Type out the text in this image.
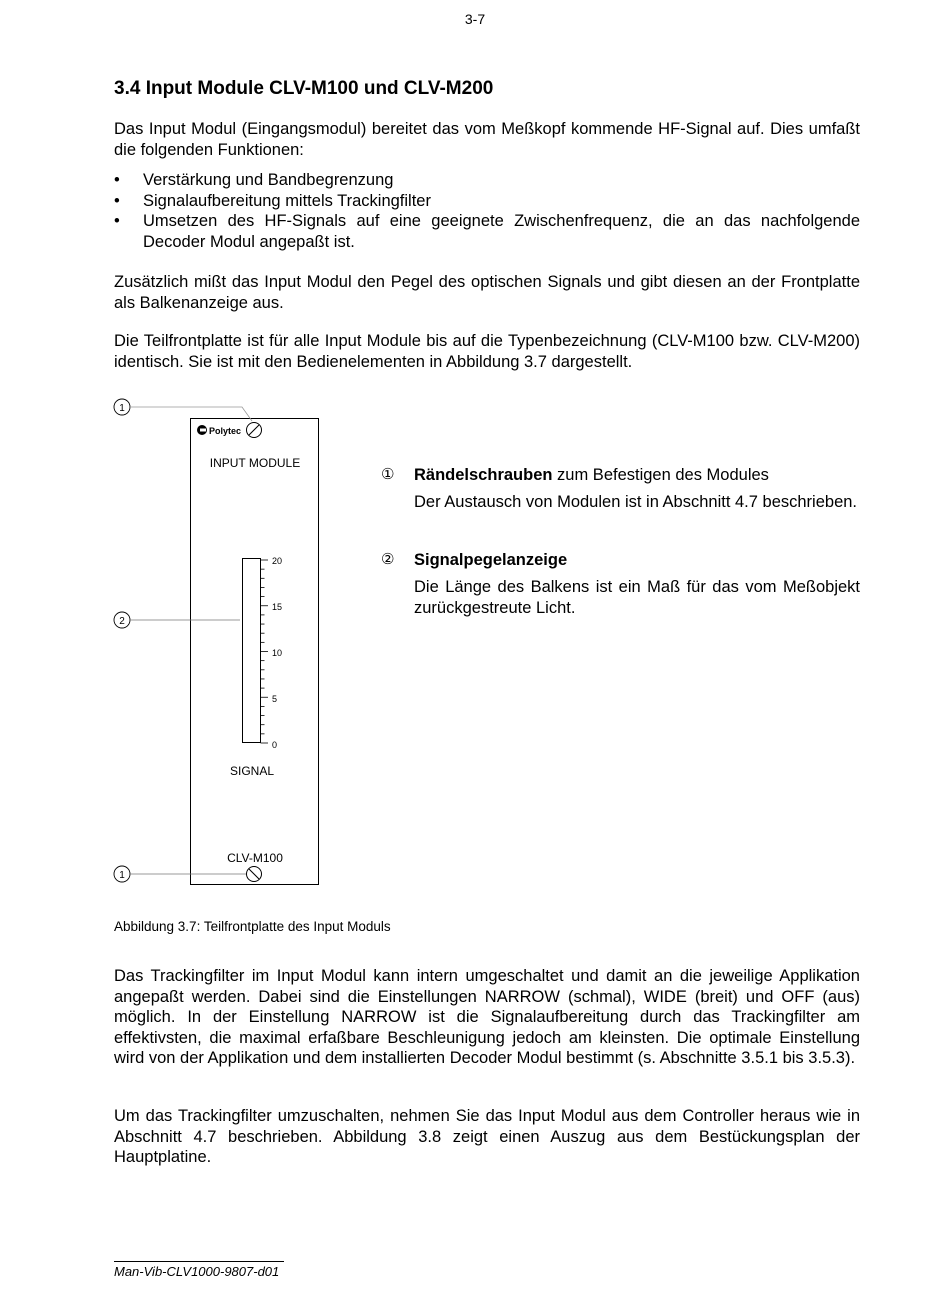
3-7
3.4 Input Module CLV-M100 und CLV-M200
Das Input Modul (Eingangsmodul) bereitet das vom Meßkopf kommende HF-Signal auf. Dies umfaßt die folgenden Funktionen:
• Verstärkung und Bandbegrenzung
• Signalaufbereitung mittels Trackingfilter
• Umsetzen des HF-Signals auf eine geeignete Zwischenfrequenz, die an das nachfolgende Decoder Modul angepaßt ist.
Zusätzlich mißt das Input Modul den Pegel des optischen Signals und gibt diesen an der Frontplatte als Balkenanzeige aus.
Die Teilfrontplatte ist für alle Input Module bis auf die Typenbezeichnung (CLV-M100 bzw. CLV-M200) identisch. Sie ist mit den Bedienelementen in Abbildung 3.7 dargestellt.
1
Polytec
INPUT MODULE
20
15
10
5
0
2
SIGNAL
CLV-M100
1
① Rändelschrauben zum Befestigen des Modules
Der Austausch von Modulen ist in Abschnitt 4.7 beschrieben.
② Signalpegelanzeige
Die Länge des Balkens ist ein Maß für das vom Meßobjekt zurückgestreute Licht.
Abbildung 3.7: Teilfrontplatte des Input Moduls
Das Trackingfilter im Input Modul kann intern umgeschaltet und damit an die jeweilige Applikation angepaßt werden. Dabei sind die Einstellungen NARROW (schmal), WIDE (breit) und OFF (aus) möglich. In der Einstellung NARROW ist die Signalaufbereitung durch das Trackingfilter am effektivsten, die maximal erfaßbare Beschleunigung jedoch am kleinsten. Die optimale Einstellung wird von der Applikation und dem installierten Decoder Modul bestimmt (s. Abschnitte 3.5.1 bis 3.5.3).
Um das Trackingfilter umzuschalten, nehmen Sie das Input Modul aus dem Controller heraus wie in Abschnitt 4.7 beschrieben. Abbildung 3.8 zeigt einen Auszug aus dem Bestückungsplan der Hauptplatine.
Man-Vib-CLV1000-9807-d01
